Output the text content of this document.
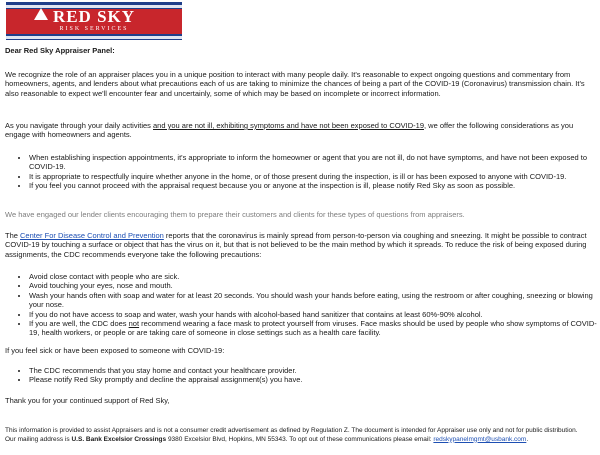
RED SKY
RISK SERVICES

Dear Red Sky Appraiser Panel:

We recognize the role of an appraiser places you in a unique position to interact with many people daily. It's reasonable to expect ongoing questions and commentary from homeowners, agents, and lenders about what precautions each of us are taking to minimize the chances of being a part of the COVID-19 (Coronavirus) transmission chain. It's also reasonable to expect we'll encounter fear and uncertainly, some of which may be based on incomplete or incorrect information.

As you navigate through your daily activities and you are not ill, exhibiting symptoms and have not been exposed to COVID-19, we offer the following considerations as you engage with homeowners and agents.

• When establishing inspection appointments, it's appropriate to inform the homeowner or agent that you are not ill, do not have symptoms, and have not been exposed to COVID-19.
• It is appropriate to respectfully inquire whether anyone in the home, or of those present during the inspection, is ill or has been exposed to anyone with COVID-19.
• If you feel you cannot proceed with the appraisal request because you or anyone at the inspection is ill, please notify Red Sky as soon as possible.

We have engaged our lender clients encouraging them to prepare their customers and clients for these types of questions from appraisers.

The Center For Disease Control and Prevention reports that the coronavirus is mainly spread from person-to-person via coughing and sneezing. It might be possible to contract COVID-19 by touching a surface or object that has the virus on it, but that is not believed to be the main method by which it spreads. To reduce the risk of being exposed during assignments, the CDC recommends everyone take the following precautions:

• Avoid close contact with people who are sick.
• Avoid touching your eyes, nose and mouth.
• Wash your hands often with soap and water for at least 20 seconds. You should wash your hands before eating, using the restroom or after coughing, sneezing or blowing your nose.
• If you do not have access to soap and water, wash your hands with alcohol-based hand sanitizer that contains at least 60%-90% alcohol.
• If you are well, the CDC does not recommend wearing a face mask to protect yourself from viruses. Face masks should be used by people who show symptoms of COVID-19, health workers, or people or are taking care of someone in close settings such as a health care facility.

If you feel sick or have been exposed to someone with COVID-19:

• The CDC recommends that you stay home and contact your healthcare provider.
• Please notify Red Sky promptly and decline the appraisal assignment(s) you have.

Thank you for your continued support of Red Sky,

This information is provided to assist Appraisers and is not a consumer credit advertisement as defined by Regulation Z. The document is intended for Appraiser use only and not for public distribution.
Our mailing address is U.S. Bank Excelsior Crossings 9380 Excelsior Blvd, Hopkins, MN 55343. To opt out of these communications please email: redskypanelmgmt@usbank.com.
